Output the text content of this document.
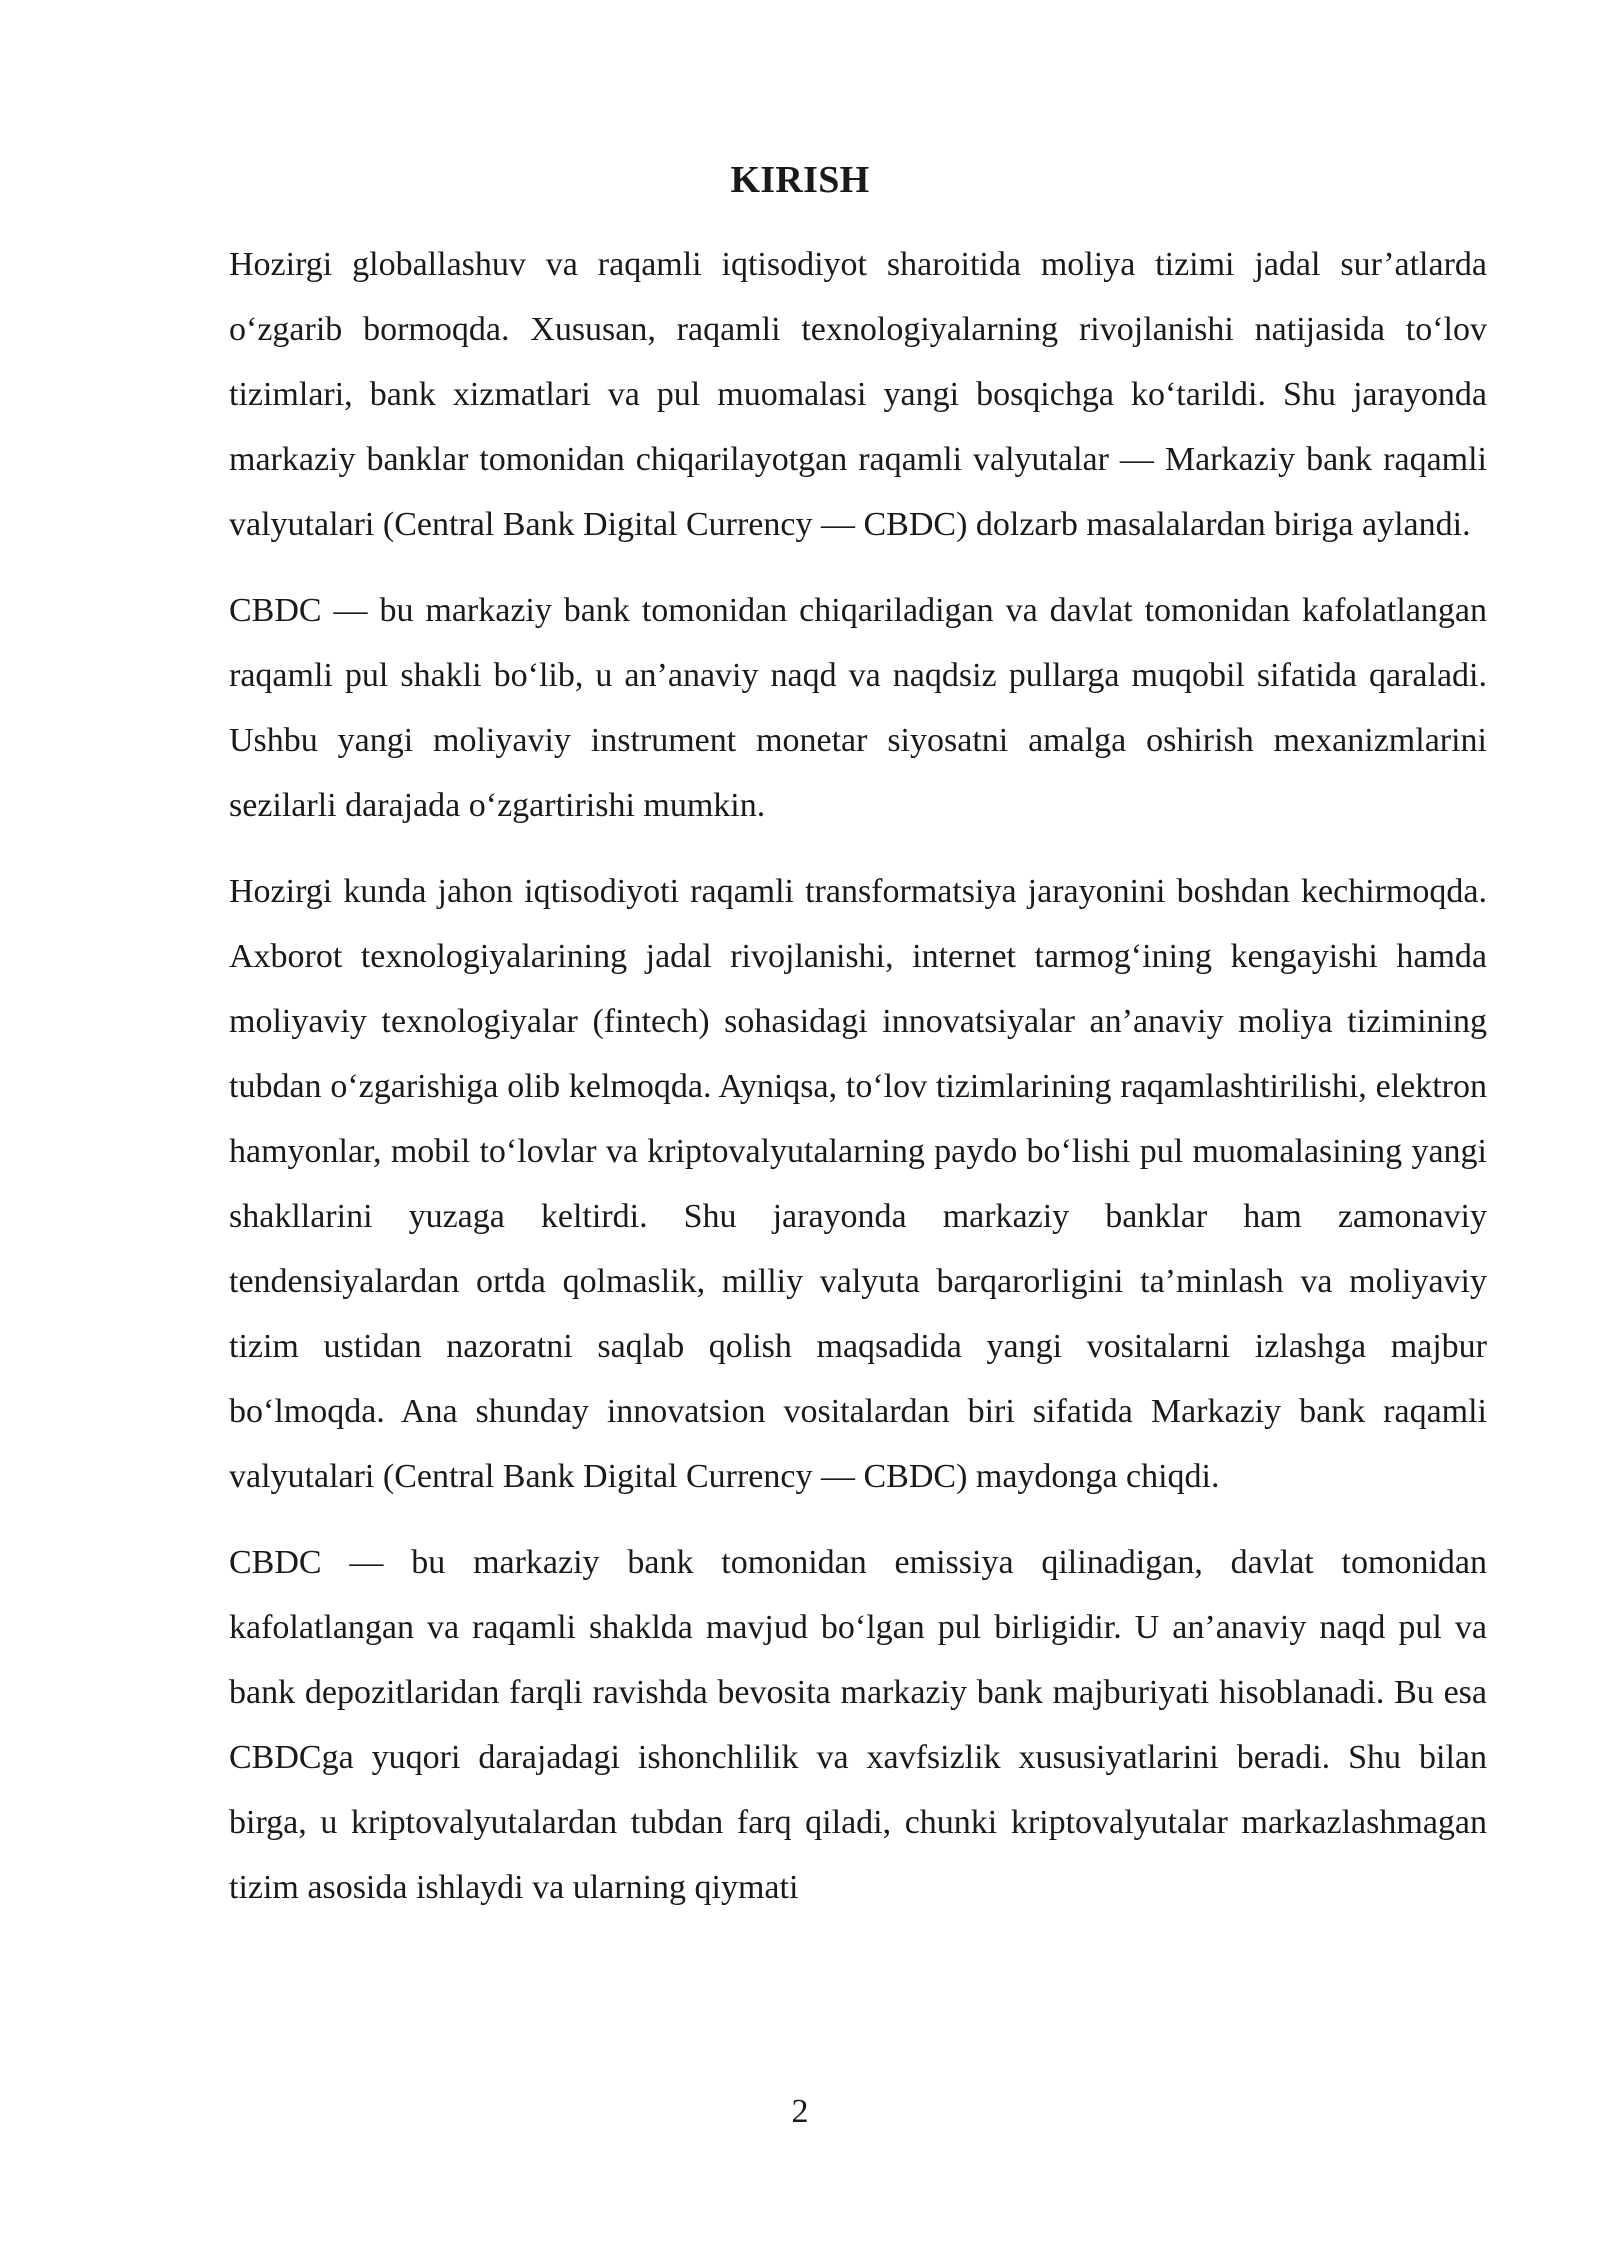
KIRISH

Hozirgi globallashuv va raqamli iqtisodiyot sharoitida moliya tizimi jadal sur’atlarda o‘zgarib bormoqda. Xususan, raqamli texnologiyalarning rivojlanishi natijasida to‘lov tizimlari, bank xizmatlari va pul muomalasi yangi bosqichga ko‘tarildi. Shu jarayonda markaziy banklar tomonidan chiqarilayotgan raqamli valyutalar — Markaziy bank raqamli valyutalari (Central Bank Digital Currency — CBDC) dolzarb masalalardan biriga aylandi.

CBDC — bu markaziy bank tomonidan chiqariladigan va davlat tomonidan kafolatlangan raqamli pul shakli bo‘lib, u an’anaviy naqd va naqdsiz pullarga muqobil sifatida qaraladi. Ushbu yangi moliyaviy instrument monetar siyosatni amalga oshirish mexanizmlarini sezilarli darajada o‘zgartirishi mumkin.

Hozirgi kunda jahon iqtisodiyoti raqamli transformatsiya jarayonini boshdan kechirmoqda. Axborot texnologiyalarining jadal rivojlanishi, internet tarmog‘ining kengayishi hamda moliyaviy texnologiyalar (fintech) sohasidagi innovatsiyalar an’anaviy moliya tizimining tubdan o‘zgarishiga olib kelmoqda. Ayniqsa, to‘lov tizimlarining raqamlashtirilishi, elektron hamyonlar, mobil to‘lovlar va kriptovalyutalarning paydo bo‘lishi pul muomalasining yangi shakllarini yuzaga keltirdi. Shu jarayonda markaziy banklar ham zamonaviy tendensiyalardan ortda qolmaslik, milliy valyuta barqarorligini ta’minlash va moliyaviy tizim ustidan nazoratni saqlab qolish maqsadida yangi vositalarni izlashga majbur bo‘lmoqda. Ana shunday innovatsion vositalardan biri sifatida Markaziy bank raqamli valyutalari (Central Bank Digital Currency — CBDC) maydonga chiqdi.

CBDC — bu markaziy bank tomonidan emissiya qilinadigan, davlat tomonidan kafolatlangan va raqamli shaklda mavjud bo‘lgan pul birligidir. U an’anaviy naqd pul va bank depozitlaridan farqli ravishda bevosita markaziy bank majburiyati hisoblanadi. Bu esa CBDCga yuqori darajadagi ishonchlilik va xavfsizlik xususiyatlarini beradi. Shu bilan birga, u kriptovalyutalardan tubdan farq qiladi, chunki kriptovalyutalar markazlashmagan tizim asosida ishlaydi va ularning qiymati

2
